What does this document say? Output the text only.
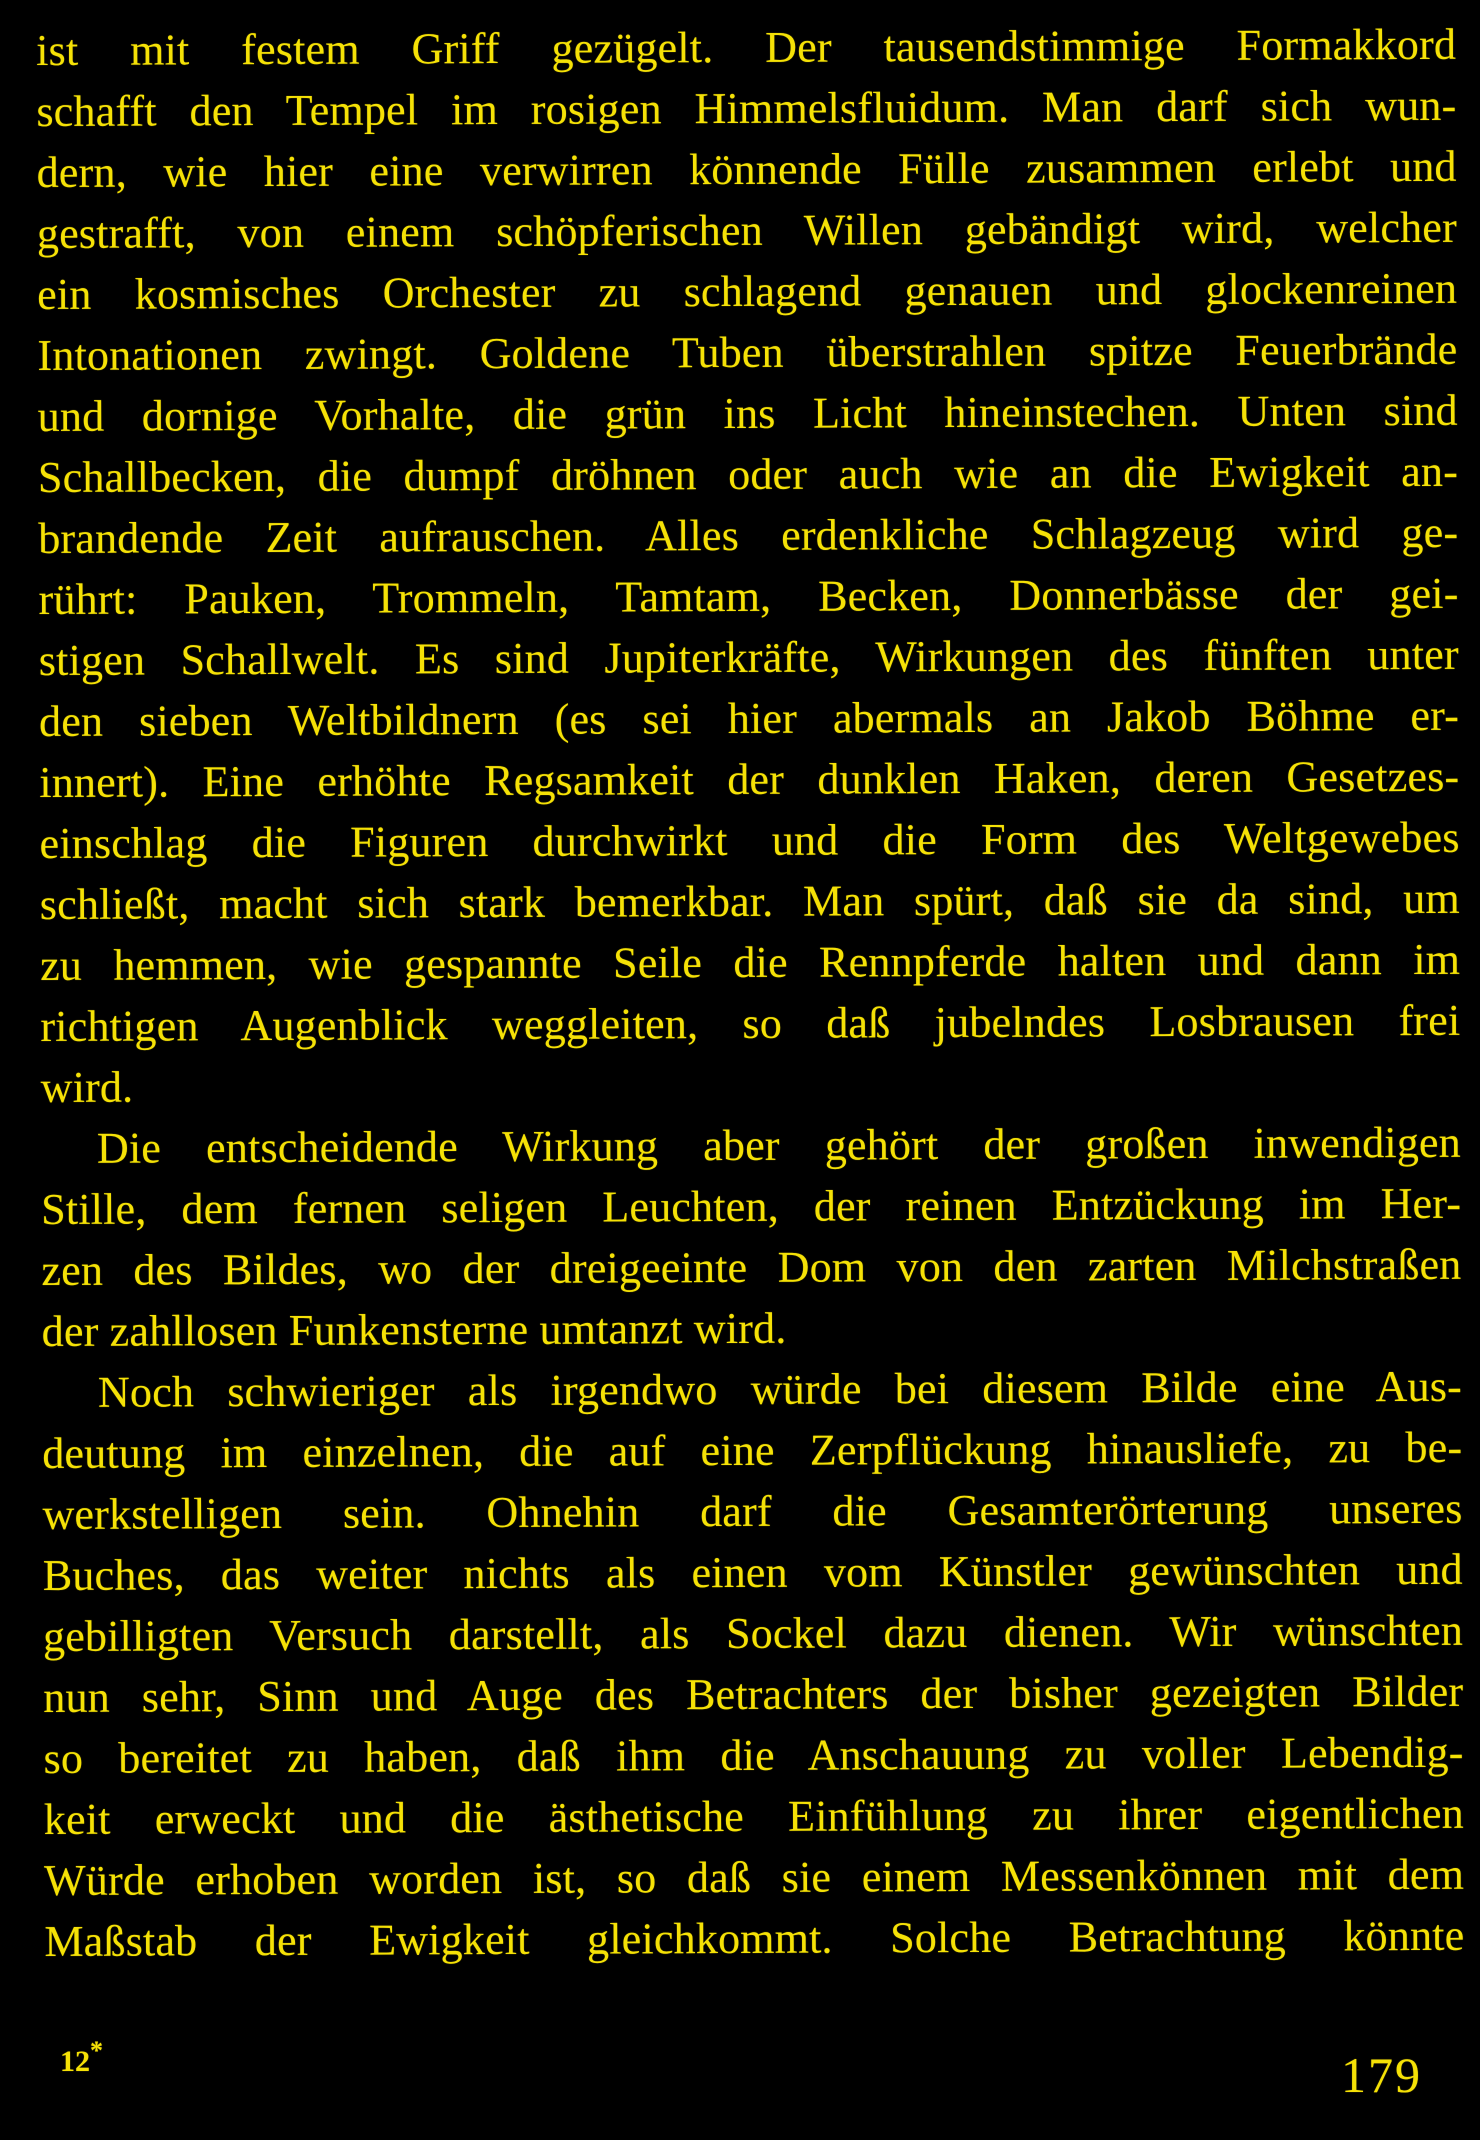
ist mit festem Griff gezügelt. Der tausendstimmige Formakkord
schafft den Tempel im rosigen Himmelsfluidum. Man darf sich wun-
dern, wie hier eine verwirren könnende Fülle zusammen erlebt und
gestrafft, von einem schöpferischen Willen gebändigt wird, welcher
ein kosmisches Orchester zu schlagend genauen und glockenreinen
Intonationen zwingt. Goldene Tuben überstrahlen spitze Feuerbrände
und dornige Vorhalte, die grün ins Licht hineinstechen. Unten sind
Schallbecken, die dumpf dröhnen oder auch wie an die Ewigkeit an-
brandende Zeit aufrauschen. Alles erdenkliche Schlagzeug wird ge-
rührt: Pauken, Trommeln, Tamtam, Becken, Donnerbässe der gei-
stigen Schallwelt. Es sind Jupiterkräfte, Wirkungen des fünften unter
den sieben Weltbildnern (es sei hier abermals an Jakob Böhme er-
innert). Eine erhöhte Regsamkeit der dunklen Haken, deren Gesetzes-
einschlag die Figuren durchwirkt und die Form des Weltgewebes
schließt, macht sich stark bemerkbar. Man spürt, daß sie da sind, um
zu hemmen, wie gespannte Seile die Rennpferde halten und dann im
richtigen Augenblick weggleiten, so daß jubelndes Losbrausen frei
wird.
Die entscheidende Wirkung aber gehört der großen inwendigen
Stille, dem fernen seligen Leuchten, der reinen Entzückung im Her-
zen des Bildes, wo der dreigeeinte Dom von den zarten Milchstraßen
der zahllosen Funkensterne umtanzt wird.
Noch schwieriger als irgendwo würde bei diesem Bilde eine Aus-
deutung im einzelnen, die auf eine Zerpflückung hinausliefe, zu be-
werkstelligen sein. Ohnehin darf die Gesamterörterung unseres
Buches, das weiter nichts als einen vom Künstler gewünschten und
gebilligten Versuch darstellt, als Sockel dazu dienen. Wir wünschten
nun sehr, Sinn und Auge des Betrachters der bisher gezeigten Bilder
so bereitet zu haben, daß ihm die Anschauung zu voller Lebendig-
keit erweckt und die ästhetische Einfühlung zu ihrer eigentlichen
Würde erhoben worden ist, so daß sie einem Messenkönnen mit dem
Maßstab der Ewigkeit gleichkommt. Solche Betrachtung könnte
12*	179
